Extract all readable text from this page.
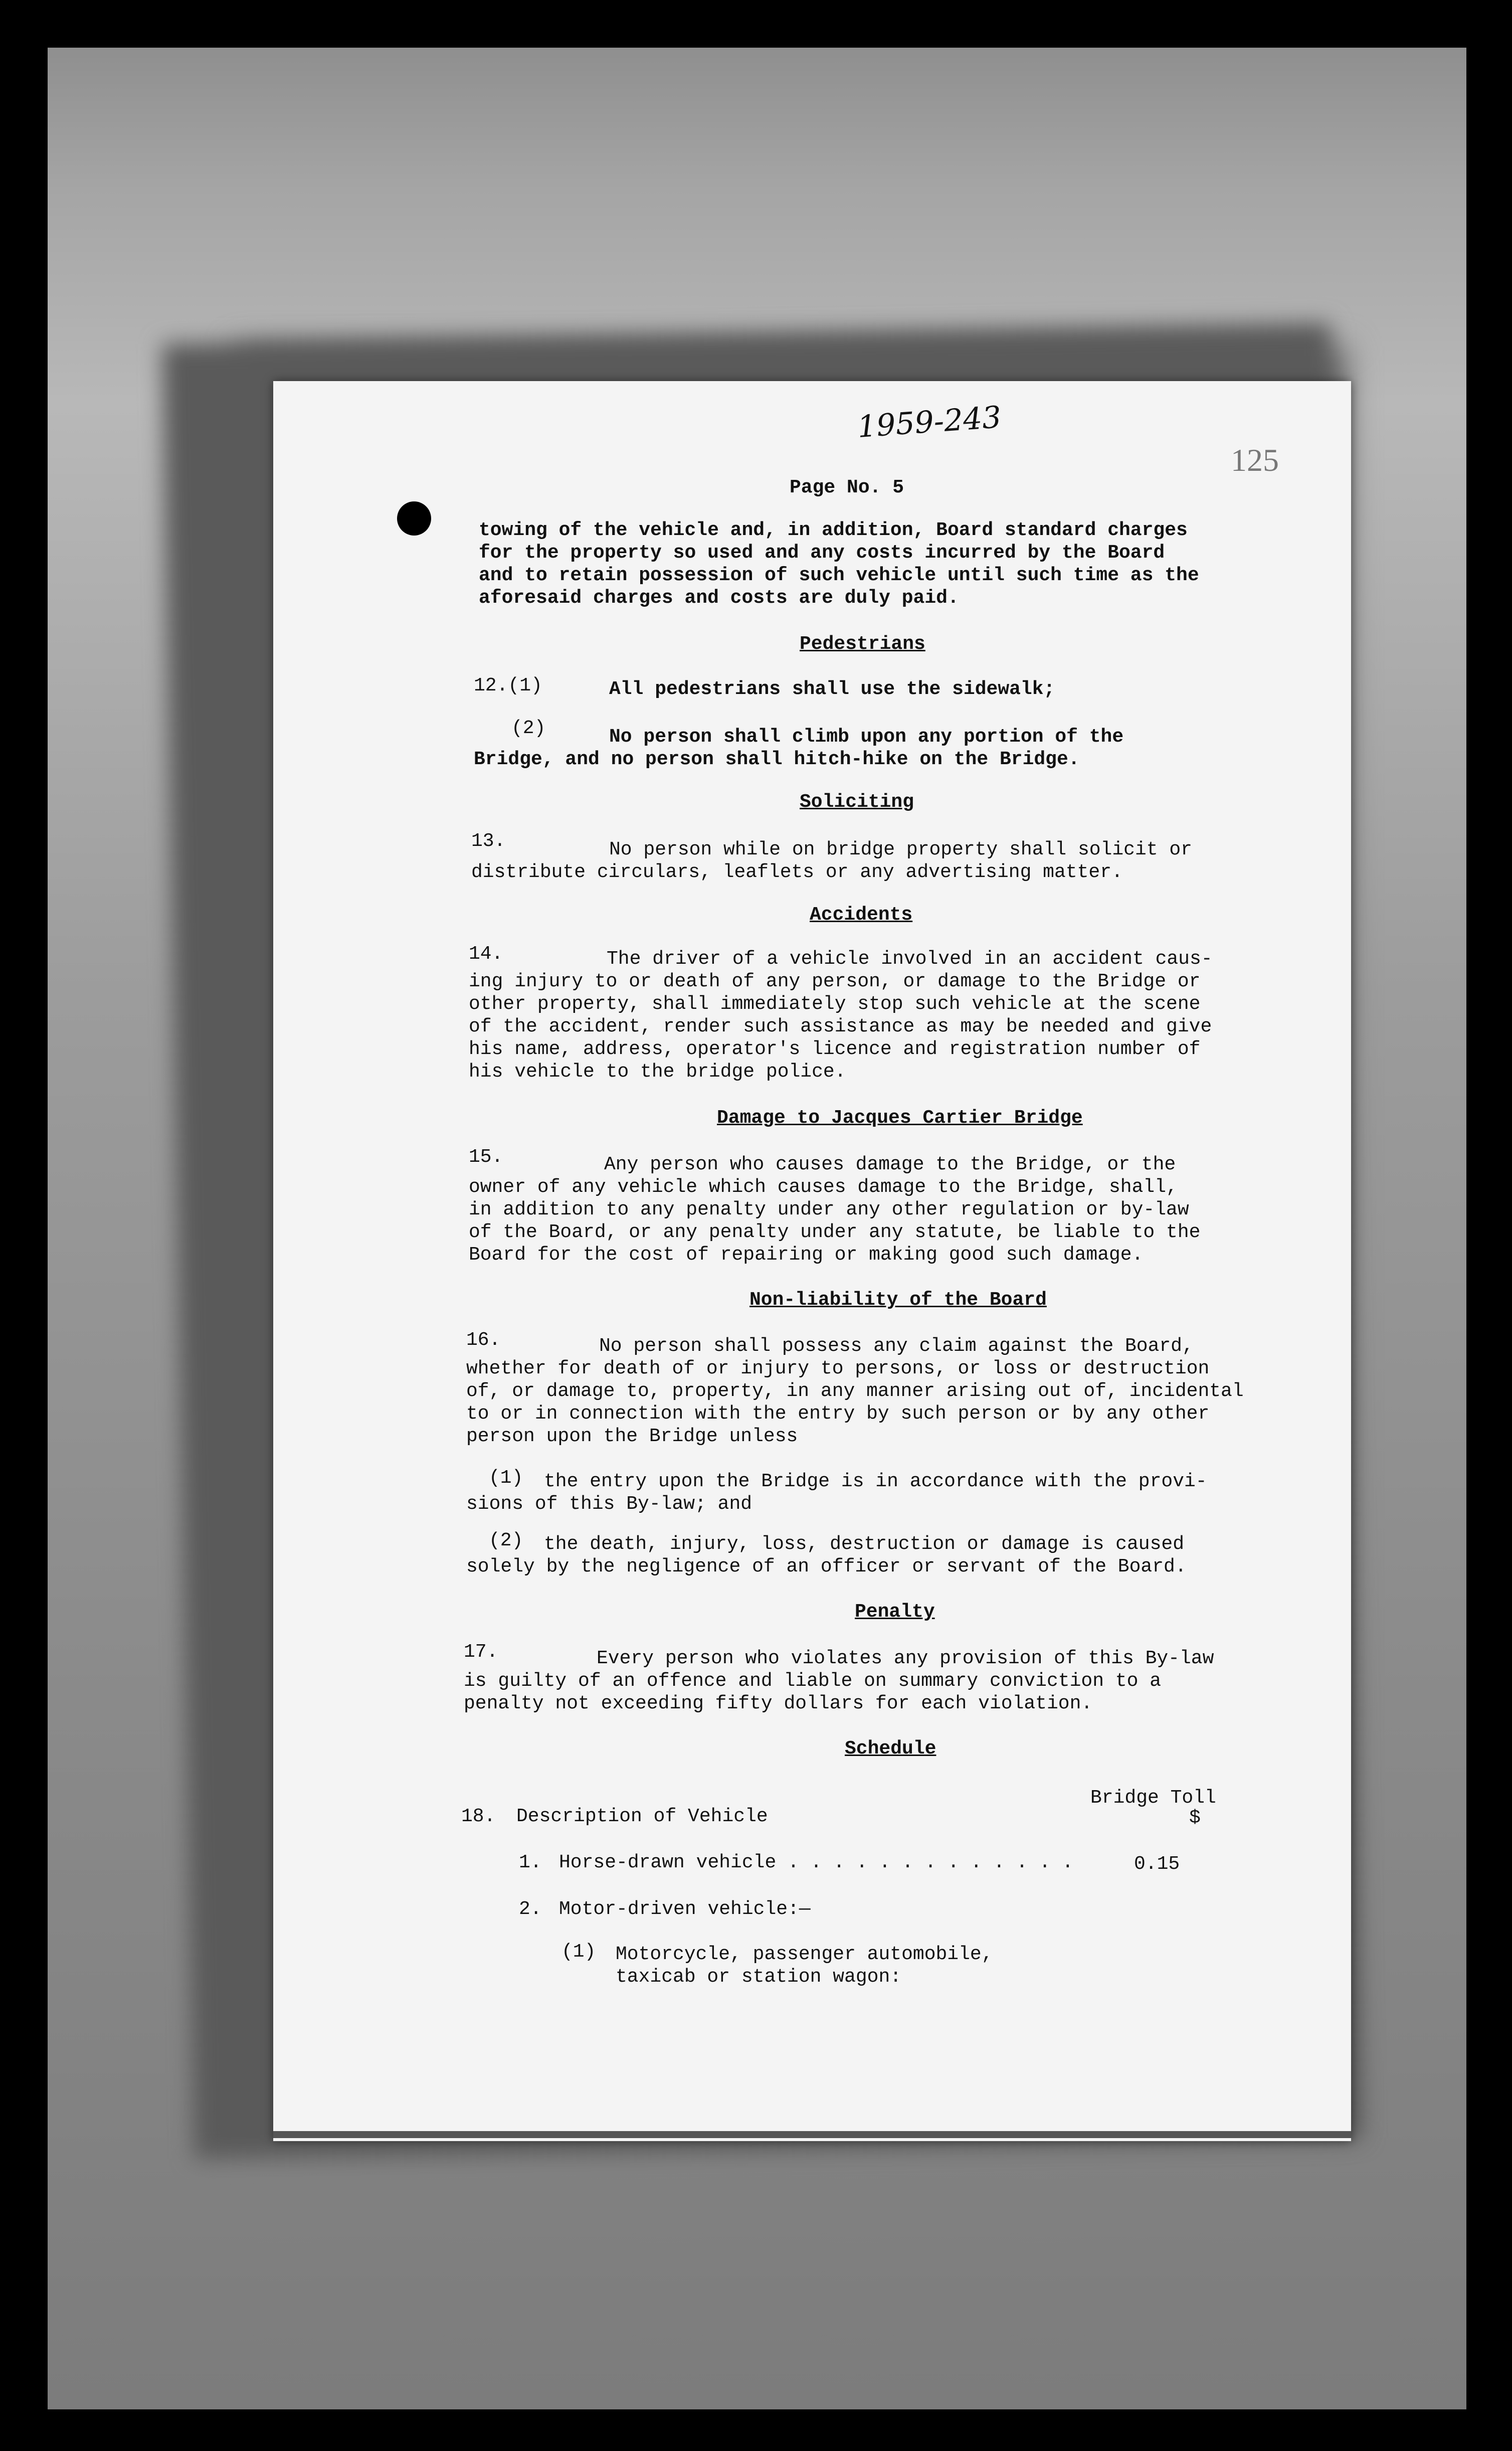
1959-243
125
Page No. 5
towing of the vehicle and, in addition, Board standard charges
for the property so used and any costs incurred by the Board
and to retain possession of such vehicle until such time as the
aforesaid charges and costs are duly paid.
Pedestrians
12.(1)	All pedestrians shall use the sidewalk;
(2)	No person shall climb upon any portion of the
Bridge, and no person shall hitch-hike on the Bridge.
Soliciting
13.	No person while on bridge property shall solicit or
distribute circulars, leaflets or any advertising matter.
Accidents
14.	The driver of a vehicle involved in an accident caus-
ing injury to or death of any person, or damage to the Bridge or
other property, shall immediately stop such vehicle at the scene
of the accident, render such assistance as may be needed and give
his name, address, operator's licence and registration number of
his vehicle to the bridge police.
Damage to Jacques Cartier Bridge
15.	Any person who causes damage to the Bridge, or the
owner of any vehicle which causes damage to the Bridge, shall,
in addition to any penalty under any other regulation or by-law
of the Board, or any penalty under any statute, be liable to the
Board for the cost of repairing or making good such damage.
Non-liability of the Board
16.	No person shall possess any claim against the Board,
whether for death of or injury to persons, or loss or destruction
of, or damage to, property, in any manner arising out of, incidental
to or in connection with the entry by such person or by any other
person upon the Bridge unless
(1) the entry upon the Bridge is in accordance with the provi-
sions of this By-law; and
(2) the death, injury, loss, destruction or damage is caused
solely by the negligence of an officer or servant of the Board.
Penalty
17.	Every person who violates any provision of this By-law
is guilty of an offence and liable on summary conviction to a
penalty not exceeding fifty dollars for each violation.
Schedule
Bridge Toll
$
18. Description of Vehicle
1. Horse-drawn vehicle . . . . . . . . . . . . .	0.15
2. Motor-driven vehicle:—
(1) Motorcycle, passenger automobile,
taxicab or station wagon:
